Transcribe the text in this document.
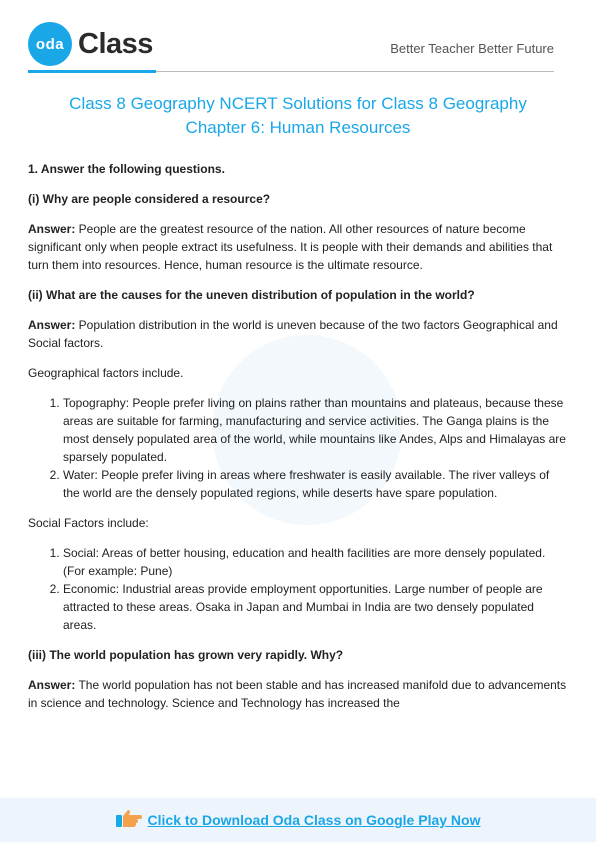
oda Class	Better Teacher Better Future
Class 8 Geography NCERT Solutions for Class 8 Geography
Chapter 6: Human Resources

1. Answer the following questions.

(i) Why are people considered a resource?

Answer: People are the greatest resource of the nation. All other resources of nature become significant only when people extract its usefulness. It is people with their demands and abilities that turn them into resources. Hence, human resource is the ultimate resource.

(ii) What are the causes for the uneven distribution of population in the world?

Answer: Population distribution in the world is uneven because of the two factors Geographical and Social factors.

Geographical factors include.

1. Topography: People prefer living on plains rather than mountains and plateaus, because these areas are suitable for farming, manufacturing and service activities. The Ganga plains is the most densely populated area of the world, while mountains like Andes, Alps and Himalayas are sparsely populated.
2. Water: People prefer living in areas where freshwater is easily available. The river valleys of the world are the densely populated regions, while deserts have spare population.

Social Factors include:

1. Social: Areas of better housing, education and health facilities are more densely populated. (For example: Pune)
2. Economic: Industrial areas provide employment opportunities. Large number of people are attracted to these areas. Osaka in Japan and Mumbai in India are two densely populated areas.

(iii) The world population has grown very rapidly. Why?

Answer: The world population has not been stable and has increased manifold due to advancements in science and technology. Science and Technology has increased the

Click to Download Oda Class on Google Play Now
